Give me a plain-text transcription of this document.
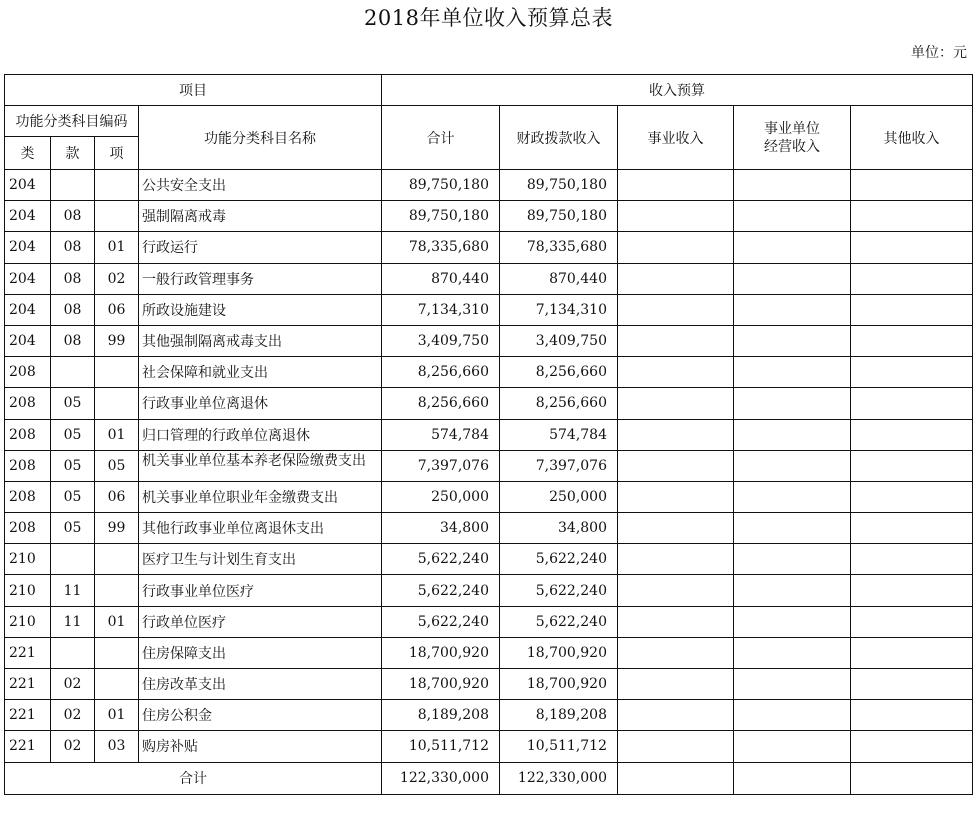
2018年单位收入预算总表
单位：元
项目				收入预算				
功能分类科目编码			功能分类科目名称	合计	财政拨款收入	事业收入	事业单位经营收入	其他收入
类	款	项						
204			公共安全支出	89,750,180	89,750,180			
204	08		强制隔离戒毒	89,750,180	89,750,180			
204	08	01	行政运行	78,335,680	78,335,680			
204	08	02	一般行政管理事务	870,440	870,440			
204	08	06	所政设施建设	7,134,310	7,134,310			
204	08	99	其他强制隔离戒毒支出	3,409,750	3,409,750			
208			社会保障和就业支出	8,256,660	8,256,660			
208	05		行政事业单位离退休	8,256,660	8,256,660			
208	05	01	归口管理的行政单位离退休	574,784	574,784			
208	05	05	机关事业单位基本养老保险缴费支出	7,397,076	7,397,076			
208	05	06	机关事业单位职业年金缴费支出	250,000	250,000			
208	05	99	其他行政事业单位离退休支出	34,800	34,800			
210			医疗卫生与计划生育支出	5,622,240	5,622,240			
210	11		行政事业单位医疗	5,622,240	5,622,240			
210	11	01	行政单位医疗	5,622,240	5,622,240			
221			住房保障支出	18,700,920	18,700,920			
221	02		住房改革支出	18,700,920	18,700,920			
221	02	01	住房公积金	8,189,208	8,189,208			
221	02	03	购房补贴	10,511,712	10,511,712			
合计				122,330,000	122,330,000			
